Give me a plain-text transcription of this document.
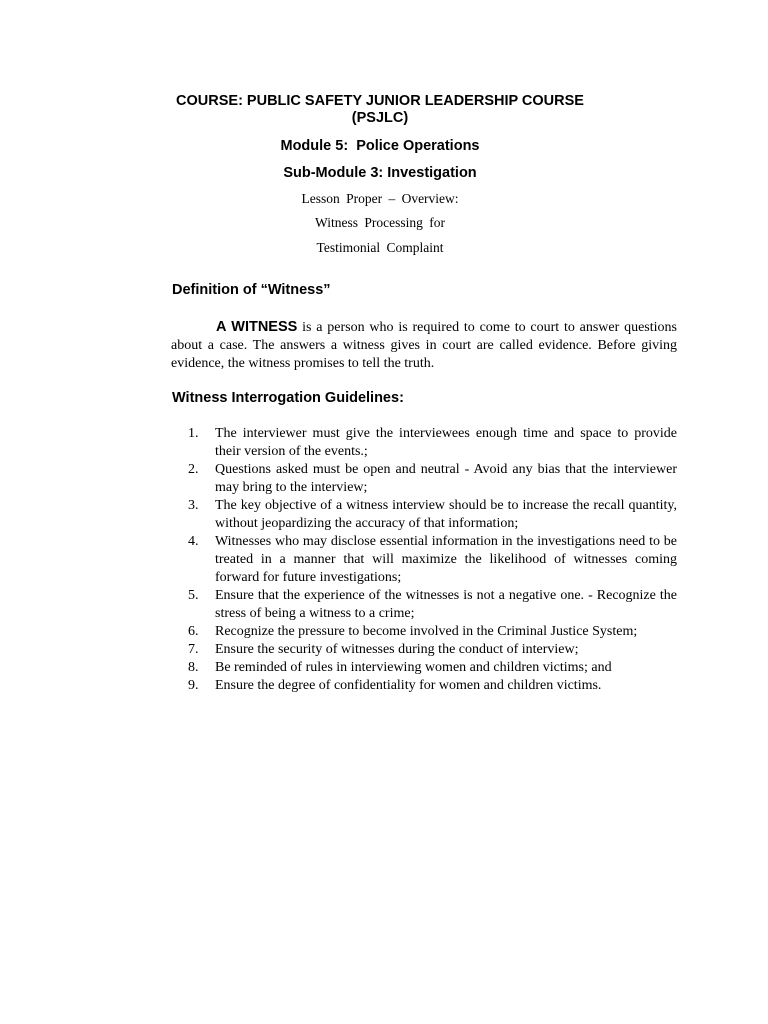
COURSE: PUBLIC SAFETY JUNIOR LEADERSHIP COURSE
(PSJLC)
Module 5:  Police Operations
Sub-Module 3: Investigation
Lesson Proper – Overview:
Witness Processing for
Testimonial Complaint
Definition of “Witness”

A WITNESS is a person who is required to come to court to answer questions about a case. The answers a witness gives in court are called evidence. Before giving evidence, the witness promises to tell the truth.

Witness Interrogation Guidelines:
1.	The interviewer must give the interviewees enough time and space to provide their version of the events.;
2.	Questions asked must be open and neutral - Avoid any bias that the interviewer may bring to the interview;
3.	The key objective of a witness interview should be to increase the recall quantity, without jeopardizing the accuracy of that information;
4.	Witnesses who may disclose essential information in the investigations need to be treated in a manner that will maximize the likelihood of witnesses coming forward for future investigations;
5.	Ensure that the experience of the witnesses is not a negative one. - Recognize the stress of being a witness to a crime;
6.	Recognize the pressure to become involved in the Criminal Justice System;
7.	Ensure the security of witnesses during the conduct of interview;
8.	Be reminded of rules in interviewing women and children victims; and
9.	Ensure the degree of confidentiality for women and children victims.
